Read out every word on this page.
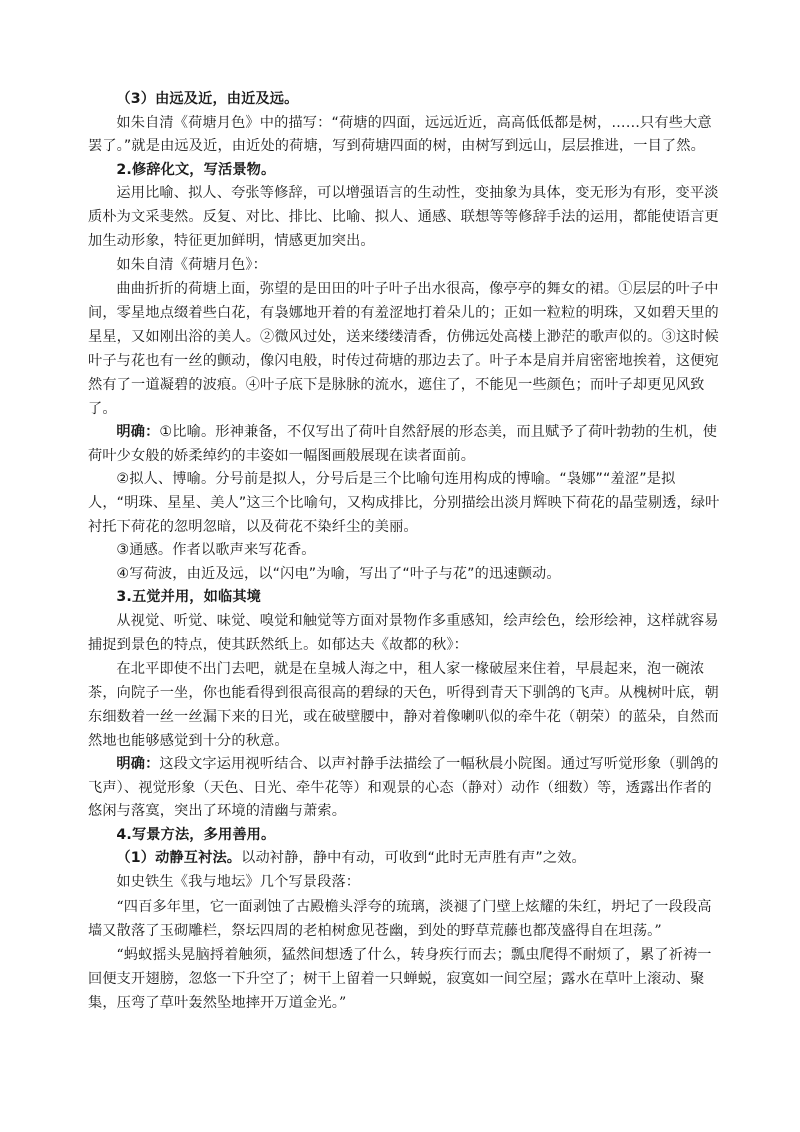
（3）由远及近，由近及远。

如朱自清《荷塘月色》中的描写：“荷塘的四面，远远近近，高高低低都是树，……只有些大意罢了。”就是由远及近，由近处的荷塘，写到荷塘四面的树，由树写到远山，层层推进，一目了然。

2.修辞化文，写活景物。

运用比喻、拟人、夸张等修辞，可以增强语言的生动性，变抽象为具体，变无形为有形，变平淡质朴为文采斐然。反复、对比、排比、比喻、拟人、通感、联想等等修辞手法的运用，都能使语言更加生动形象，特征更加鲜明，情感更加突出。

如朱自清《荷塘月色》：

曲曲折折的荷塘上面，弥望的是田田的叶子叶子出水很高，像亭亭的舞女的裙。①层层的叶子中间，零星地点缀着些白花，有袅娜地开着的有羞涩地打着朵儿的；正如一粒粒的明珠，又如碧天里的星星，又如刚出浴的美人。②微风过处，送来缕缕清香，仿佛远处高楼上渺茫的歌声似的。③这时候叶子与花也有一丝的颤动，像闪电般，时传过荷塘的那边去了。叶子本是肩并肩密密地挨着，这便宛然有了一道凝碧的波痕。④叶子底下是脉脉的流水，遮住了，不能见一些颜色；而叶子却更见风致了。

明确：①比喻。形神兼备，不仅写出了荷叶自然舒展的形态美，而且赋予了荷叶勃勃的生机，使荷叶少女般的娇柔绰约的丰姿如一幅图画般展现在读者面前。

②拟人、博喻。分号前是拟人，分号后是三个比喻句连用构成的博喻。“袅娜”“羞涩”是拟人，“明珠、星星、美人”这三个比喻句，又构成排比，分别描绘出淡月辉映下荷花的晶莹剔透，绿叶衬托下荷花的忽明忽暗，以及荷花不染纤尘的美丽。

③通感。作者以歌声来写花香。

④写荷波，由近及远，以“闪电”为喻，写出了“叶子与花”的迅速颤动。

3.五觉并用，如临其境

从视觉、听觉、味觉、嗅觉和触觉等方面对景物作多重感知，绘声绘色，绘形绘神，这样就容易捕捉到景色的特点，使其跃然纸上。如郁达夫《故都的秋》：

在北平即使不出门去吧，就是在皇城人海之中，租人家一椽破屋来住着，早晨起来，泡一碗浓茶，向院子一坐，你也能看得到很高很高的碧绿的天色，听得到青天下驯鸽的飞声。从槐树叶底，朝东细数着一丝一丝漏下来的日光，或在破壁腰中，静对着像喇叭似的牵牛花（朝荣）的蓝朵，自然而然地也能够感觉到十分的秋意。

明确：这段文字运用视听结合、以声衬静手法描绘了一幅秋晨小院图。通过写听觉形象（驯鸽的飞声）、视觉形象（天色、日光、牵牛花等）和观景的心态（静对）动作（细数）等，透露出作者的悠闲与落寞，突出了环境的清幽与萧索。

4.写景方法，多用善用。

（1）动静互衬法。以动衬静，静中有动，可收到“此时无声胜有声”之效。

如史铁生《我与地坛》几个写景段落：

“四百多年里，它一面剥蚀了古殿檐头浮夸的琉璃，淡褪了门壁上炫耀的朱红，坍圮了一段段高墙又散落了玉砌雕栏，祭坛四周的老柏树愈见苍幽，到处的野草荒藤也都茂盛得自在坦荡。”

“蚂蚁摇头晃脑捋着触须，猛然间想透了什么，转身疾行而去；瓢虫爬得不耐烦了，累了祈祷一回便支开翅膀，忽悠一下升空了；树干上留着一只蝉蜕，寂寞如一间空屋；露水在草叶上滚动、聚集，压弯了草叶轰然坠地摔开万道金光。”
